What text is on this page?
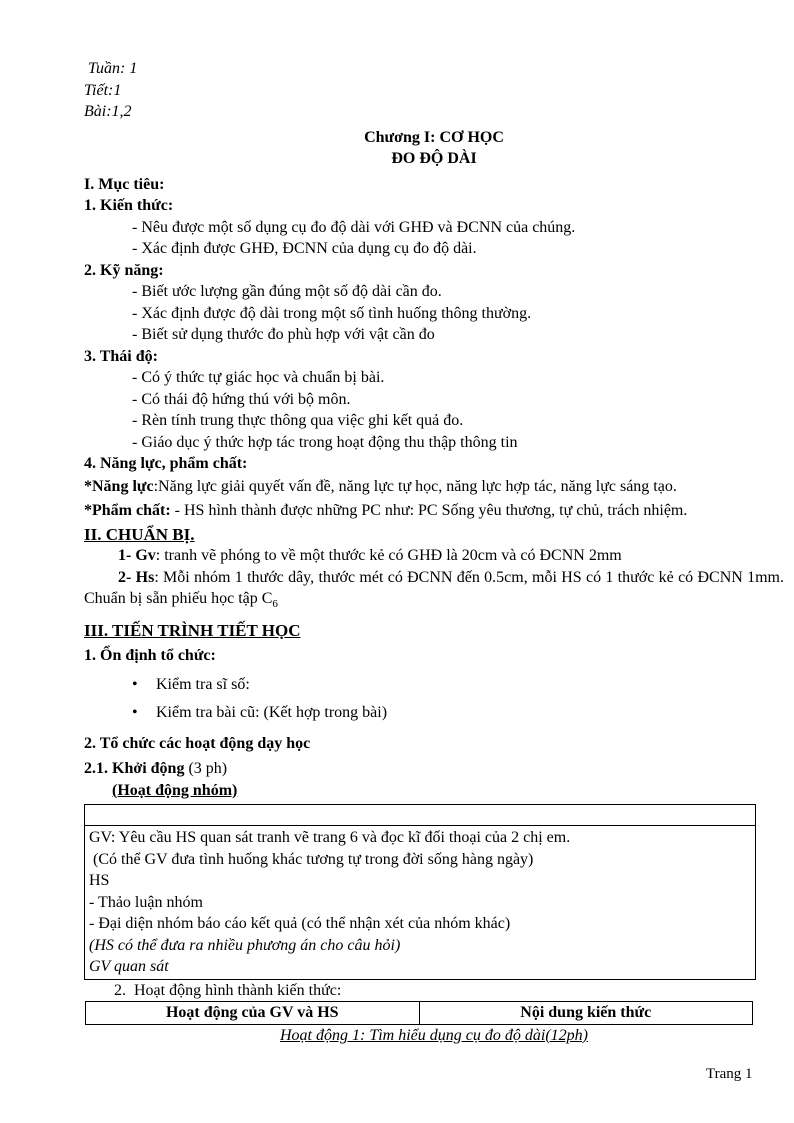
Tuần: 1
Tiết:1
Bài:1,2
Chương I: CƠ HỌC
ĐO ĐỘ DÀI
I. Mục tiêu:
1. Kiến thức:
- Nêu được một số dụng cụ đo độ dài với GHĐ và ĐCNN của chúng.
- Xác định được GHĐ, ĐCNN của dụng cụ đo độ dài.
2. Kỹ năng:
- Biết ước lượng gần đúng một số độ dài cần đo.
- Xác định được độ dài trong một số tình huống thông thường.
- Biết sử dụng thước đo phù hợp với vật cần đo
3. Thái độ:
- Có ý thức tự giác học và chuẩn bị bài.
- Có thái độ hứng thú với bộ môn.
- Rèn tính trung thực thông qua việc ghi kết quả đo.
- Giáo dục ý thức hợp tác trong hoạt động thu thập thông tin
4. Năng lực, phẩm chất:
*Năng lực:Năng lực giải quyết vấn đề, năng lực tự học, năng lực hợp tác, năng lực sáng tạo.
*Phẩm chất: - HS hình thành được những PC như: PC Sống yêu thương, tự chủ, trách nhiệm.
II. CHUẨN BỊ.
1- Gv: tranh vẽ phóng to về một thước kẻ có GHĐ là 20cm và có ĐCNN 2mm
2- Hs: Mỗi nhóm 1 thước dây, thước mét có ĐCNN đến 0.5cm, mỗi HS có 1 thước kẻ có ĐCNN 1mm. Chuẩn bị sẵn phiếu học tập $C_6$
III. TIẾN TRÌNH TIẾT HỌC
1. Ổn định tổ chức:
• Kiểm tra sĩ số:
• Kiểm tra bài cũ: (Kết hợp trong bài)
2. Tổ chức các hoạt động dạy học
2.1. Khởi động (3 ph)
(Hoạt động nhóm)
GV: Yêu cầu HS quan sát tranh vẽ trang 6 và đọc kĩ đối thoại của 2 chị em.
(Có thể GV đưa tình huống khác tương tự trong đời sống hàng ngày)
HS
- Thảo luận nhóm
- Đại diện nhóm báo cáo kết quả (có thể nhận xét của nhóm khác)
(HS có thể đưa ra nhiều phương án cho câu hỏi)
GV quan sát
2.  Hoạt động hình thành kiến thức:
Hoạt động của GV và HS	Nội dung kiến thức
Hoạt động 1: Tìm hiểu dụng cụ đo độ dài(12ph)
Trang 1
